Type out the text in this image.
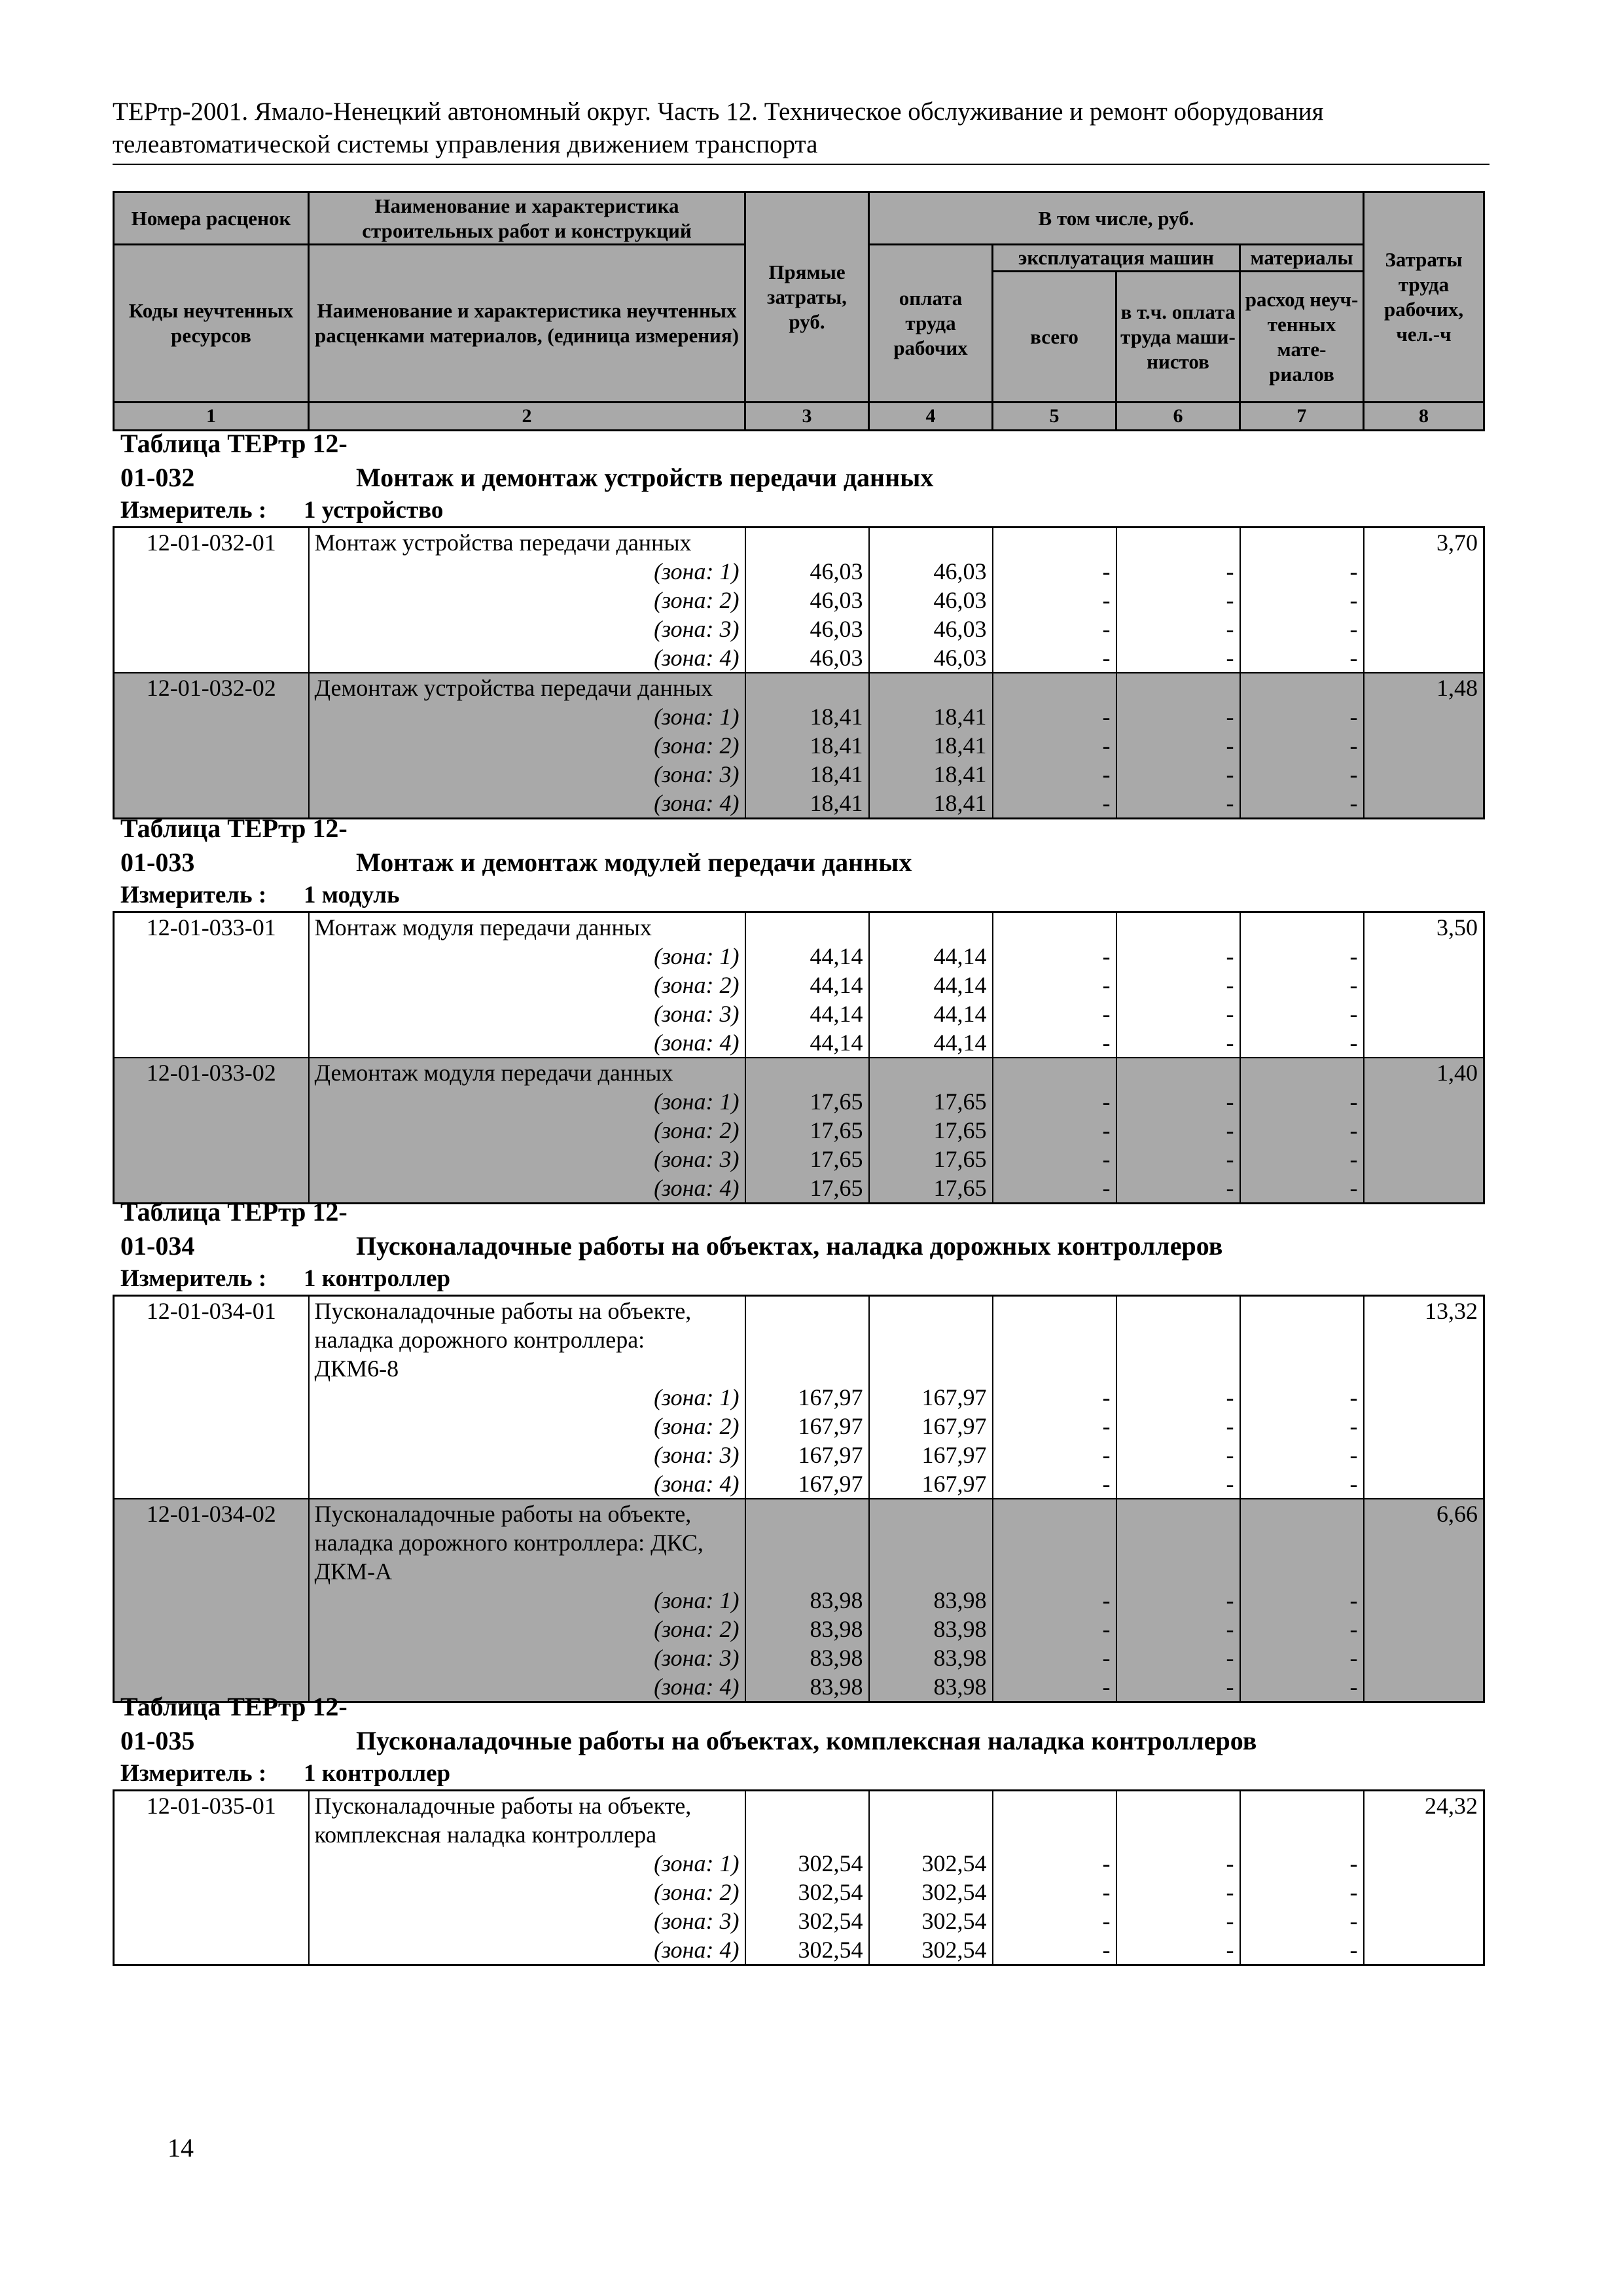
ТЕРтр-2001. Ямало-Ненецкий автономный округ. Часть 12. Техническое обслуживание и ремонт оборудования
телеавтоматической системы управления движением транспорта
Номера расценок	Наименование и характеристика строительных работ и конструкций	Прямые затраты, руб.	В том числе, руб.				Затраты труда рабочих, чел.-ч
Коды неучтенных ресурсов	Наименование и характеристика неучтенных расценками материалов, (единица измерения)		оплата труда рабочих	эксплуатация машин		материалы	
				всего	в т.ч. оплата труда маши- нистов	расход неуч- тенных мате- риалов	
1	2	3	4	5	6	7	8
Таблица ТЕРтр 12-01-032	Монтаж и демонтаж устройств передачи данных
Измеритель : 1 устройство
12-01-032-01	Монтаж устройства передачи данных						3,70
	(зона: 1)	46,03	46,03	-	-	-	
	(зона: 2)	46,03	46,03	-	-	-	
	(зона: 3)	46,03	46,03	-	-	-	
	(зона: 4)	46,03	46,03	-	-	-	
12-01-032-02	Демонтаж устройства передачи данных						1,48
	(зона: 1)	18,41	18,41	-	-	-	
	(зона: 2)	18,41	18,41	-	-	-	
	(зона: 3)	18,41	18,41	-	-	-	
	(зона: 4)	18,41	18,41	-	-	-	
Таблица ТЕРтр 12-01-033	Монтаж и демонтаж модулей передачи данных
Измеритель : 1 модуль
12-01-033-01	Монтаж модуля передачи данных						3,50
	(зона: 1)	44,14	44,14	-	-	-	
	(зона: 2)	44,14	44,14	-	-	-	
	(зона: 3)	44,14	44,14	-	-	-	
	(зона: 4)	44,14	44,14	-	-	-	
12-01-033-02	Демонтаж модуля передачи данных						1,40
	(зона: 1)	17,65	17,65	-	-	-	
	(зона: 2)	17,65	17,65	-	-	-	
	(зона: 3)	17,65	17,65	-	-	-	
	(зона: 4)	17,65	17,65	-	-	-	
Таблица ТЕРтр 12-01-034	Пусконаладочные работы на объектах, наладка дорожных контроллеров
Измеритель : 1 контроллер
12-01-034-01	Пусконаладочные работы на объекте,						13,32
	наладка дорожного контроллера:						
	ДКМ6-8						
	(зона: 1)	167,97	167,97	-	-	-	
	(зона: 2)	167,97	167,97	-	-	-	
	(зона: 3)	167,97	167,97	-	-	-	
	(зона: 4)	167,97	167,97	-	-	-	
12-01-034-02	Пусконаладочные работы на объекте,						6,66
	наладка дорожного контроллера: ДКС,						
	ДКМ-А						
	(зона: 1)	83,98	83,98	-	-	-	
	(зона: 2)	83,98	83,98	-	-	-	
	(зона: 3)	83,98	83,98	-	-	-	
	(зона: 4)	83,98	83,98	-	-	-	
Таблица ТЕРтр 12-01-035	Пусконаладочные работы на объектах, комплексная наладка контроллеров
Измеритель : 1 контроллер
12-01-035-01	Пусконаладочные работы на объекте,						24,32
	комплексная наладка контроллера						
	(зона: 1)	302,54	302,54	-	-	-	
	(зона: 2)	302,54	302,54	-	-	-	
	(зона: 3)	302,54	302,54	-	-	-	
	(зона: 4)	302,54	302,54	-	-	-	
14
